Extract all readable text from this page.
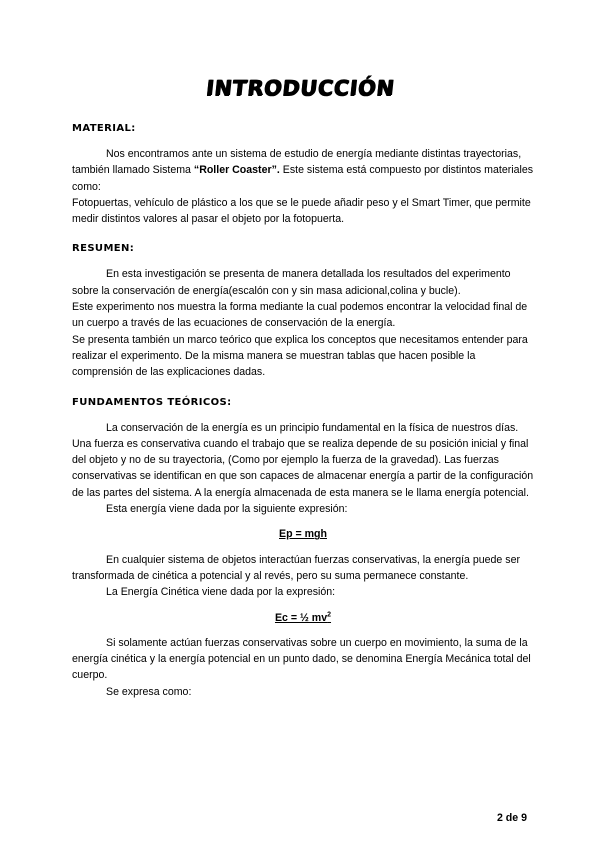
INTRODUCCIÓN

MATERIAL:

Nos encontramos ante un sistema de estudio de energía mediante distintas trayectorias, también llamado Sistema “Roller Coaster”. Este sistema está compuesto por distintos materiales como:

Fotopuertas, vehículo de plástico a los que se le puede añadir peso y el Smart Timer, que permite medir distintos valores al pasar el objeto por la fotopuerta.

RESUMEN:

En esta investigación se presenta de manera detallada los resultados del experimento sobre la conservación de energía(escalón con y sin masa adicional,colina y bucle).

Este experimento nos muestra la forma mediante la cual podemos encontrar la velocidad final de un cuerpo a través de las ecuaciones de conservación de la energía.

Se presenta también un marco teórico que explica los conceptos que necesitamos entender para realizar el experimento. De la misma manera se muestran tablas que hacen posible la comprensión de las explicaciones dadas.

FUNDAMENTOS TEÓRICOS:

La conservación de la energía es un principio fundamental en la física de nuestros días. Una fuerza es conservativa cuando el trabajo que se realiza depende de su posición inicial y final del objeto y no de su trayectoria, (Como por ejemplo la fuerza de la gravedad). Las fuerzas conservativas se identifican en que son capaces de almacenar energía a partir de la configuración de las partes del sistema. A la energía almacenada de esta manera se le llama energía potencial.

Esta energía viene dada por la siguiente expresión:

Ep = mgh

En cualquier sistema de objetos interactúan fuerzas conservativas, la energía puede ser transformada de cinética a potencial y al revés, pero su suma permanece constante.

La Energía Cinética viene dada por la expresión:

Ec = ½ $mv^2$

Si solamente actúan fuerzas conservativas sobre un cuerpo en movimiento, la suma de la energía cinética y la energía potencial en un punto dado, se denomina Energía Mecánica total del cuerpo.

Se expresa como:

2 de 9
